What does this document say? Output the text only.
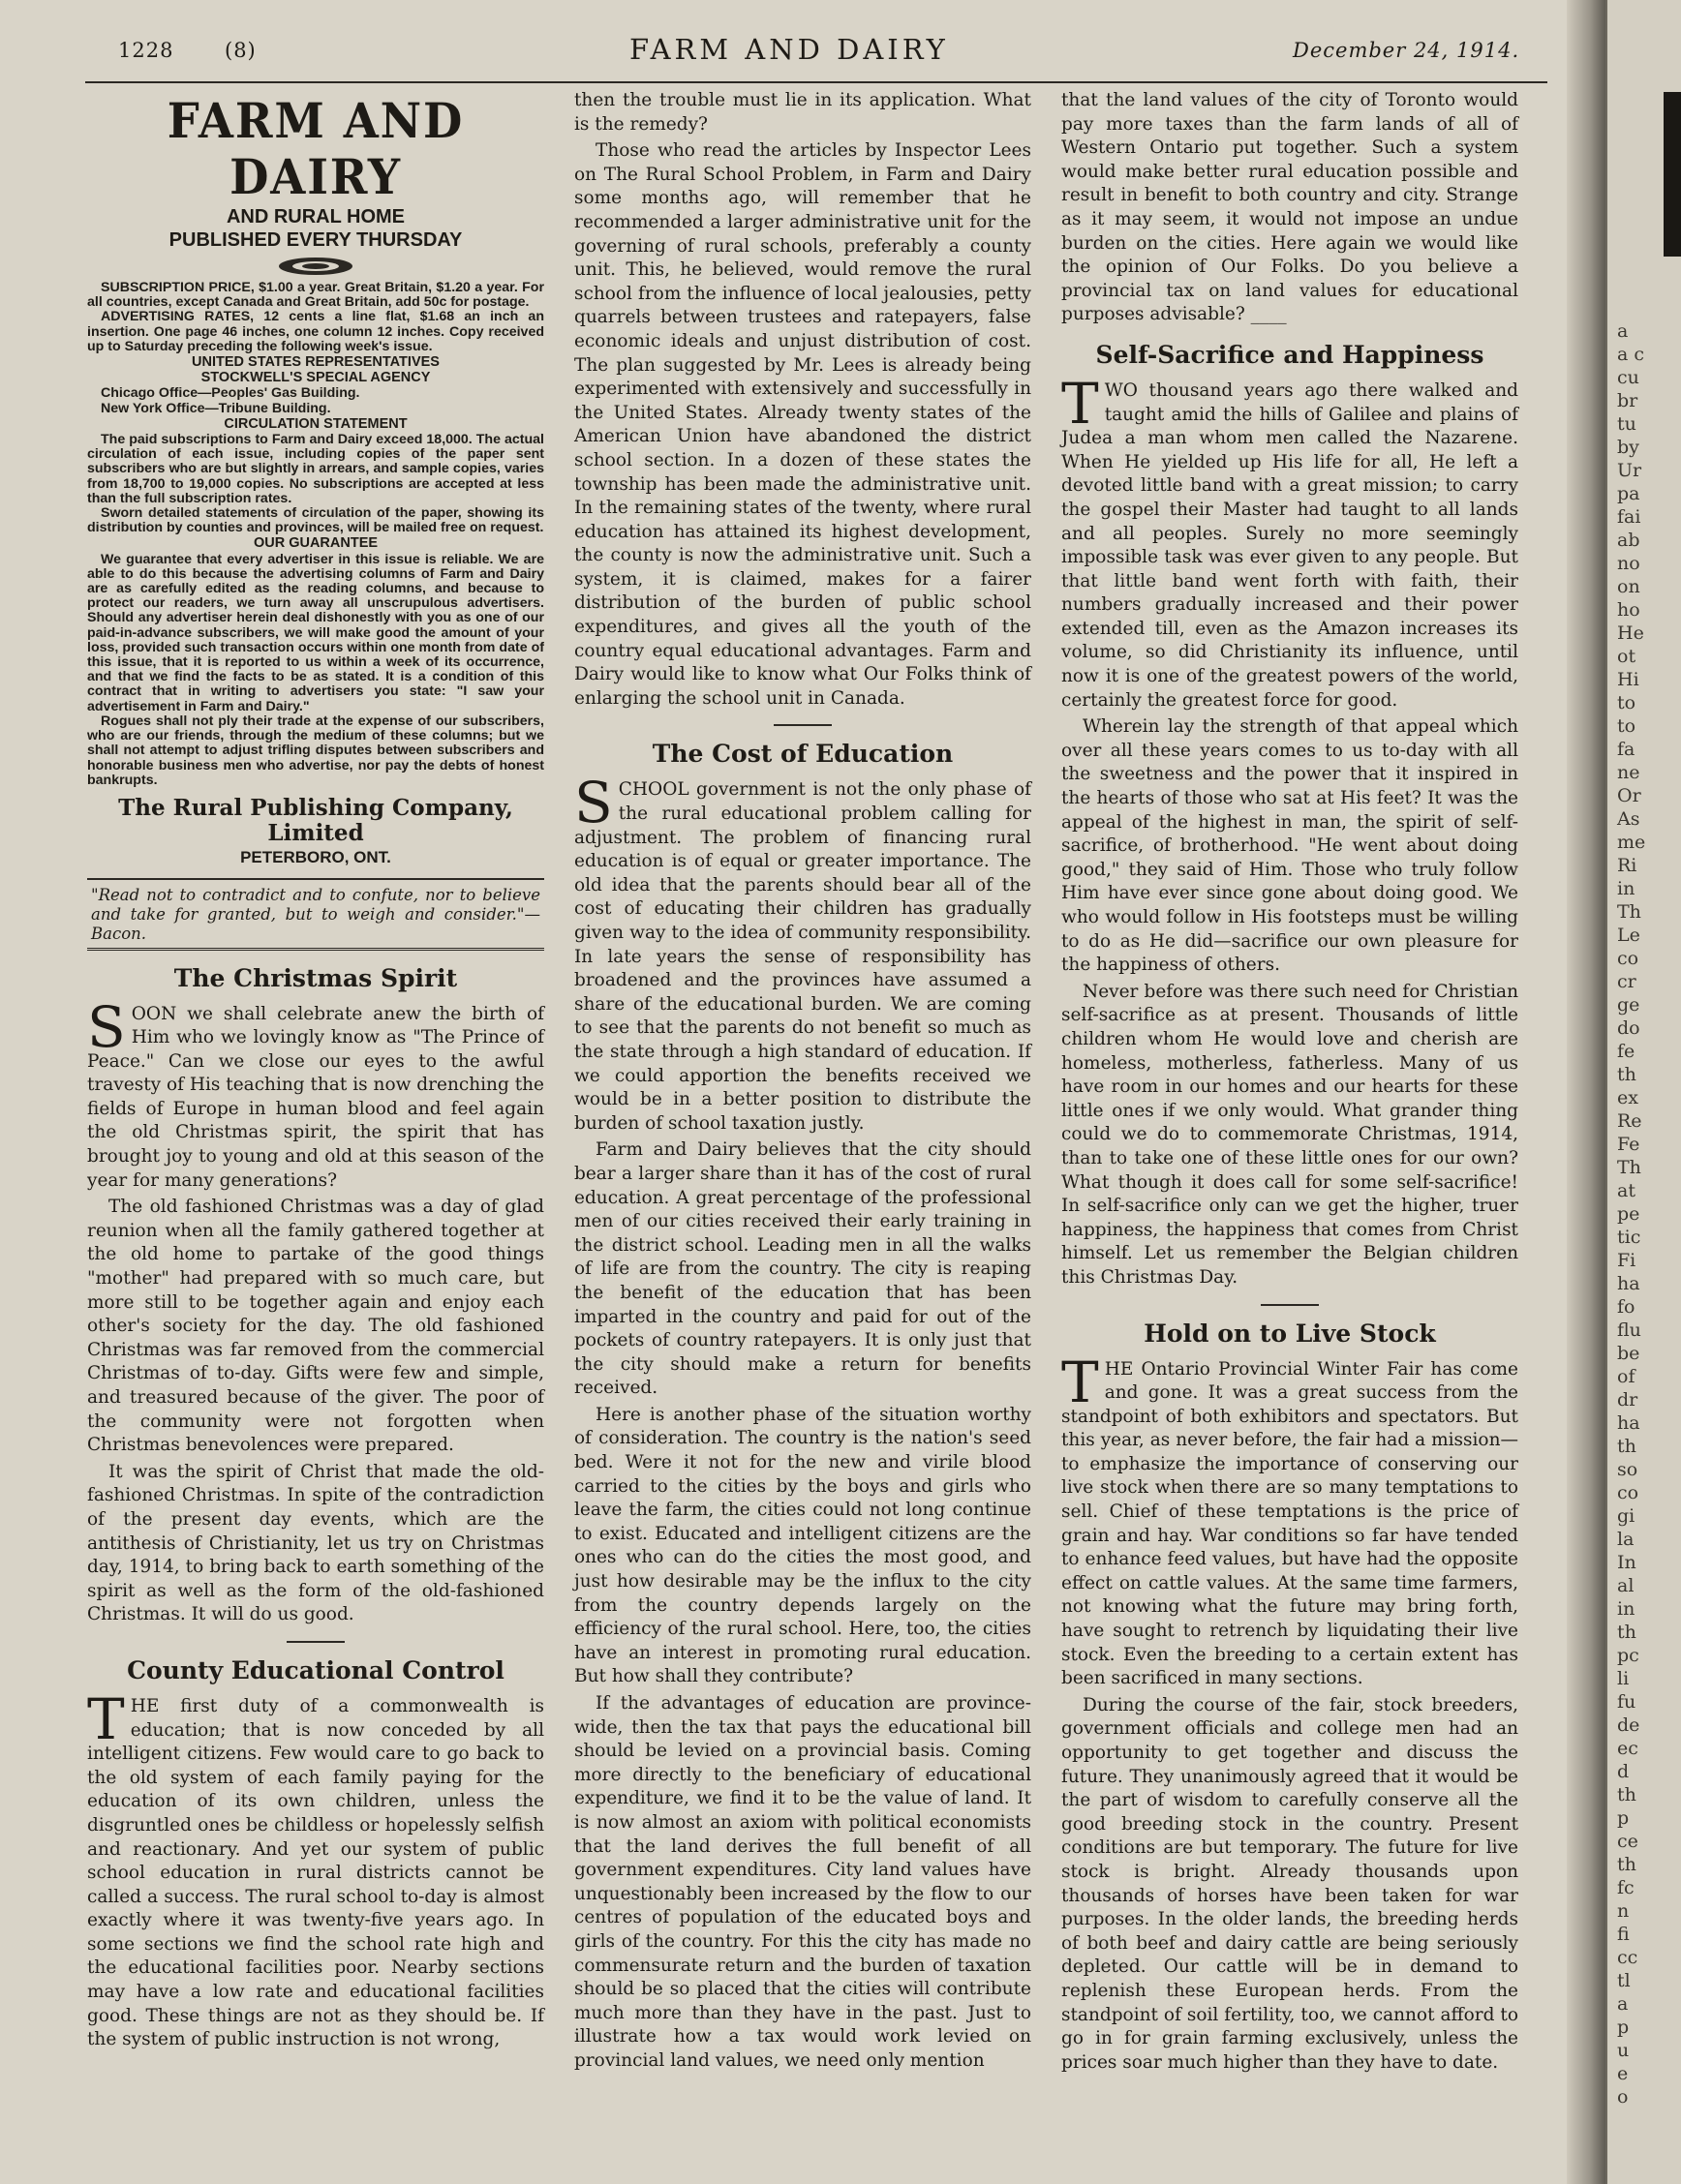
1228	(8)	FARM AND DAIRY	December 24, 1914.
FARM AND DAIRY
AND RURAL HOME
PUBLISHED EVERY THURSDAY

SUBSCRIPTION PRICE, $1.00 a year. Great Britain, $1.20 a year. For all countries, except Canada and Great Britain, add 50c for postage.

ADVERTISING RATES, 12 cents a line flat, $1.68 an inch an insertion. One page 46 inches, one column 12 inches. Copy received up to Saturday preceding the following week's issue.

UNITED STATES REPRESENTATIVES
STOCKWELL'S SPECIAL AGENCY

Chicago Office—Peoples' Gas Building.

New York Office—Tribune Building.

CIRCULATION STATEMENT

The paid subscriptions to Farm and Dairy exceed 18,000. The actual circulation of each issue, including copies of the paper sent subscribers who are but slightly in arrears, and sample copies, varies from 18,700 to 19,000 copies. No subscriptions are accepted at less than the full subscription rates.

Sworn detailed statements of circulation of the paper, showing its distribution by counties and provinces, will be mailed free on request.

OUR GUARANTEE

We guarantee that every advertiser in this issue is reliable. We are able to do this because the advertising columns of Farm and Dairy are as carefully edited as the reading columns, and because to protect our readers, we turn away all unscrupulous advertisers. Should any advertiser herein deal dishonestly with you as one of our paid-in-advance subscribers, we will make good the amount of your loss, provided such transaction occurs within one month from date of this issue, that it is reported to us within a week of its occurrence, and that we find the facts to be as stated. It is a condition of this contract that in writing to advertisers you state: "I saw your advertisement in Farm and Dairy."

Rogues shall not ply their trade at the expense of our subscribers, who are our friends, through the medium of these columns; but we shall not attempt to adjust trifling disputes between subscribers and honorable business men who advertise, nor pay the debts of honest bankrupts.

The Rural Publishing Company, Limited
PETERBORO, ONT.
"Read not to contradict and to confute, nor to believe and take for granted, but to weigh and consider."—Bacon.
The Christmas Spirit

SOON we shall celebrate anew the birth of Him who we lovingly know as "The Prince of Peace." Can we close our eyes to the awful travesty of His teaching that is now drenching the fields of Europe in human blood and feel again the old Christmas spirit, the spirit that has brought joy to young and old at this season of the year for many generations?

The old fashioned Christmas was a day of glad reunion when all the family gathered together at the old home to partake of the good things "mother" had prepared with so much care, but more still to be together again and enjoy each other's society for the day. The old fashioned Christmas was far removed from the commercial Christmas of to-day. Gifts were few and simple, and treasured because of the giver. The poor of the community were not forgotten when Christmas benevolences were prepared.

It was the spirit of Christ that made the old-fashioned Christmas. In spite of the contradiction of the present day events, which are the antithesis of Christianity, let us try on Christmas day, 1914, to bring back to earth something of the spirit as well as the form of the old-fashioned Christmas. It will do us good.

County Educational Control

THE first duty of a commonwealth is education; that is now conceded by all intelligent citizens. Few would care to go back to the old system of each family paying for the education of its own children, unless the disgruntled ones be childless or hopelessly selfish and reactionary. And yet our system of public school education in rural districts cannot be called a success. The rural school to-day is almost exactly where it was twenty-five years ago. In some sections we find the school rate high and the educational facilities poor. Nearby sections may have a low rate and educational facilities good. These things are not as they should be. If the system of public instruction is not wrong,

then the trouble must lie in its application. What is the remedy?

Those who read the articles by Inspector Lees on The Rural School Problem, in Farm and Dairy some months ago, will remember that he recommended a larger administrative unit for the governing of rural schools, preferably a county unit. This, he believed, would remove the rural school from the influence of local jealousies, petty quarrels between trustees and ratepayers, false economic ideals and unjust distribution of cost. The plan suggested by Mr. Lees is already being experimented with extensively and successfully in the United States. Already twenty states of the American Union have abandoned the district school section. In a dozen of these states the township has been made the administrative unit. In the remaining states of the twenty, where rural education has attained its highest development, the county is now the administrative unit. Such a system, it is claimed, makes for a fairer distribution of the burden of public school expenditures, and gives all the youth of the country equal educational advantages. Farm and Dairy would like to know what Our Folks think of enlarging the school unit in Canada.

The Cost of Education

SCHOOL government is not the only phase of the rural educational problem calling for adjustment. The problem of financing rural education is of equal or greater importance. The old idea that the parents should bear all of the cost of educating their children has gradually given way to the idea of community responsibility. In late years the sense of responsibility has broadened and the provinces have assumed a share of the educational burden. We are coming to see that the parents do not benefit so much as the state through a high standard of education. If we could apportion the benefits received we would be in a better position to distribute the burden of school taxation justly.

Farm and Dairy believes that the city should bear a larger share than it has of the cost of rural education. A great percentage of the professional men of our cities received their early training in the district school. Leading men in all the walks of life are from the country. The city is reaping the benefit of the education that has been imparted in the country and paid for out of the pockets of country ratepayers. It is only just that the city should make a return for benefits received.

Here is another phase of the situation worthy of consideration. The country is the nation's seed bed. Were it not for the new and virile blood carried to the cities by the boys and girls who leave the farm, the cities could not long continue to exist. Educated and intelligent citizens are the ones who can do the cities the most good, and just how desirable may be the influx to the city from the country depends largely on the efficiency of the rural school. Here, too, the cities have an interest in promoting rural education. But how shall they contribute?

If the advantages of education are province-wide, then the tax that pays the educational bill should be levied on a provincial basis. Coming more directly to the beneficiary of educational expenditure, we find it to be the value of land. It is now almost an axiom with political economists that the land derives the full benefit of all government expenditures. City land values have unquestionably been increased by the flow to our centres of population of the educated boys and girls of the country. For this the city has made no commensurate return and the burden of taxation should be so placed that the cities will contribute much more than they have in the past. Just to illustrate how a tax would work levied on provincial land values, we need only mention

that the land values of the city of Toronto would pay more taxes than the farm lands of all of Western Ontario put together. Such a system would make better rural education possible and result in benefit to both country and city. Strange as it may seem, it would not impose an undue burden on the cities. Here again we would like the opinion of Our Folks. Do you believe a provincial tax on land values for educational purposes advisable? ____

Self-Sacrifice and Happiness

TWO thousand years ago there walked and taught amid the hills of Galilee and plains of Judea a man whom men called the Nazarene. When He yielded up His life for all, He left a devoted little band with a great mission; to carry the gospel their Master had taught to all lands and all peoples. Surely no more seemingly impossible task was ever given to any people. But that little band went forth with faith, their numbers gradually increased and their power extended till, even as the Amazon increases its volume, so did Christianity its influence, until now it is one of the greatest powers of the world, certainly the greatest force for good.

Wherein lay the strength of that appeal which over all these years comes to us to-day with all the sweetness and the power that it inspired in the hearts of those who sat at His feet? It was the appeal of the highest in man, the spirit of self-sacrifice, of brotherhood. "He went about doing good," they said of Him. Those who truly follow Him have ever since gone about doing good. We who would follow in His footsteps must be willing to do as He did—sacrifice our own pleasure for the happiness of others.

Never before was there such need for Christian self-sacrifice as at present. Thousands of little children whom He would love and cherish are homeless, motherless, fatherless. Many of us have room in our homes and our hearts for these little ones if we only would. What grander thing could we do to commemorate Christmas, 1914, than to take one of these little ones for our own? What though it does call for some self-sacrifice! In self-sacrifice only can we get the higher, truer happiness, the happiness that comes from Christ himself. Let us remember the Belgian children this Christmas Day.

Hold on to Live Stock

THE Ontario Provincial Winter Fair has come and gone. It was a great success from the standpoint of both exhibitors and spectators. But this year, as never before, the fair had a mission—to emphasize the importance of conserving our live stock when there are so many temptations to sell. Chief of these temptations is the price of grain and hay. War conditions so far have tended to enhance feed values, but have had the opposite effect on cattle values. At the same time farmers, not knowing what the future may bring forth, have sought to retrench by liquidating their live stock. Even the breeding to a certain extent has been sacrificed in many sections.

During the course of the fair, stock breeders, government officials and college men had an opportunity to get together and discuss the future. They unanimously agreed that it would be the part of wisdom to carefully conserve all the good breeding stock in the country. Present conditions are but temporary. The future for live stock is bright. Already thousands upon thousands of horses have been taken for war purposes. In the older lands, the breeding herds of both beef and dairy cattle are being seriously depleted. Our cattle will be in demand to replenish these European herds. From the standpoint of soil fertility, too, we cannot afford to go in for grain farming exclusively, unless the prices soar much higher than they have to date.

a
a c
cu
br
tu
by
Ur
pa
fai
ab
no
on
ho
He
ot
Hi
to
to
fa
ne
Or
As
me
Ri
in
Th
Le
co
cr
ge
do
fe
th
ex
Re
Fe
Th
at
pe
tic
Fi
ha
fo
flu
be
of
dr
ha
th
so
co
gi
la
In
al
in
th
pc
li
fu
de
ec
d
th
p
ce
th
fc
n
fi
cc
tl
a
p
u
e
o
